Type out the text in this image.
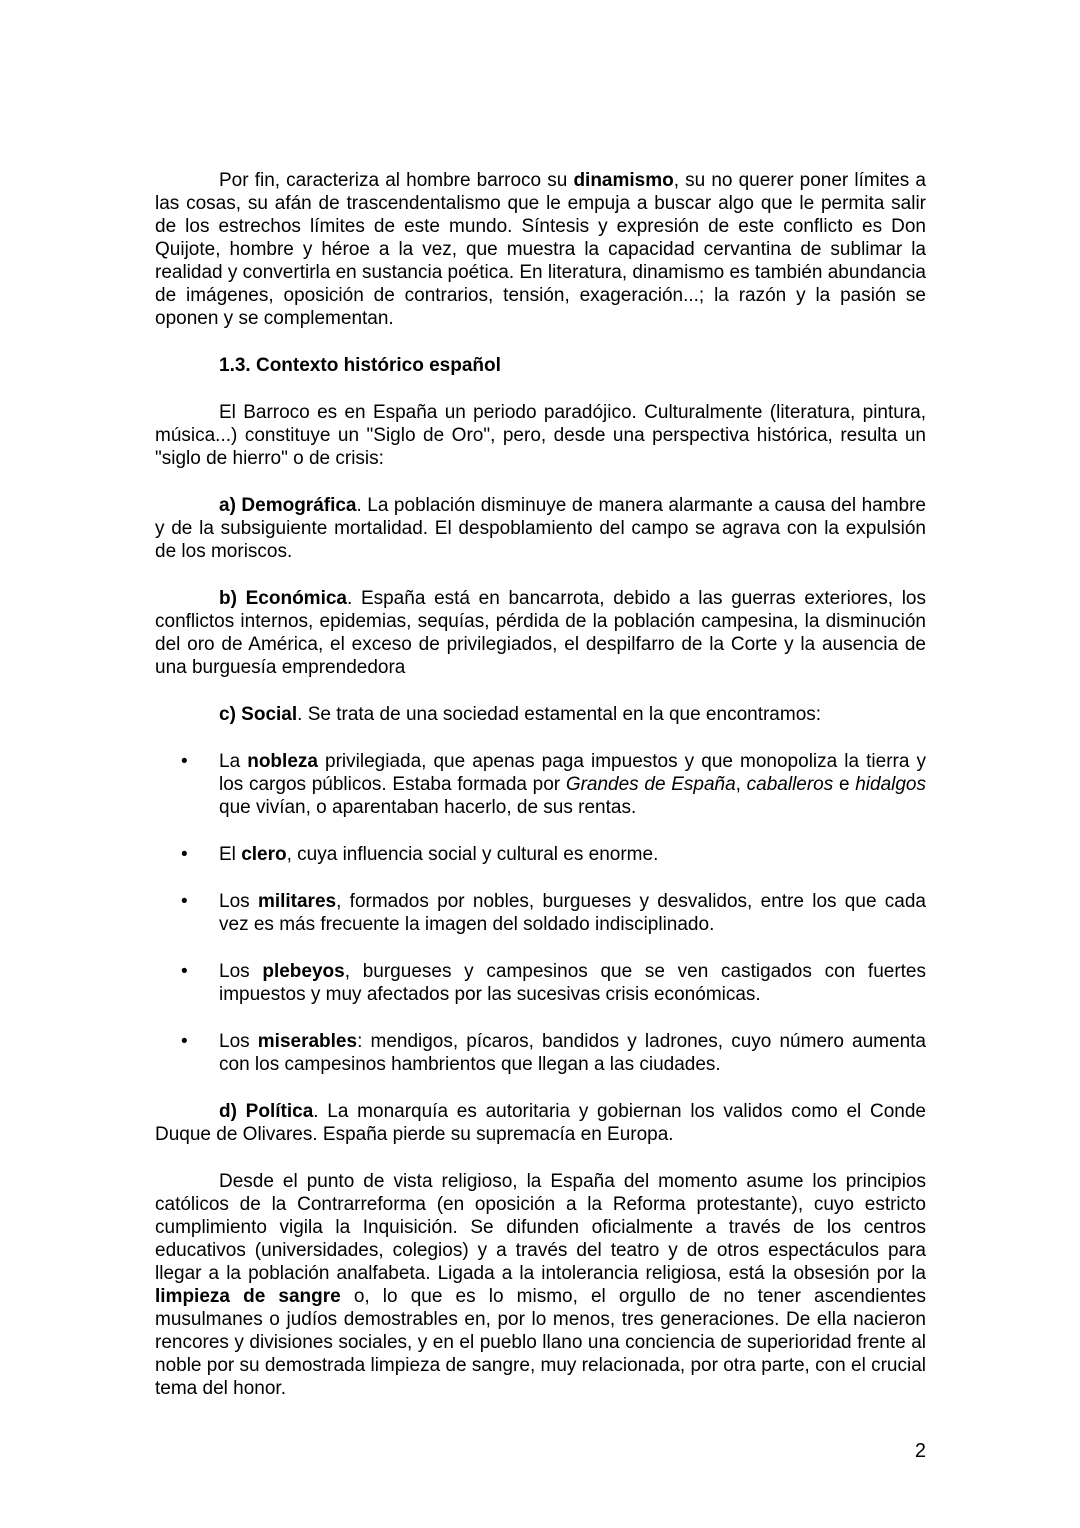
Por fin, caracteriza al hombre barroco su dinamismo, su no querer poner límites a las cosas, su afán de trascendentalismo que le empuja a buscar algo que le permita salir de los estrechos límites de este mundo. Síntesis y expresión de este conflicto es Don Quijote, hombre y héroe a la vez, que muestra la capacidad cervantina de sublimar la realidad y convertirla en sustancia poética. En literatura, dinamismo es también abundancia de imágenes, oposición de contrarios, tensión, exageración...; la razón y la pasión se oponen y se complementan.

1.3. Contexto histórico español

El Barroco es en España un periodo paradójico. Culturalmente (literatura, pintura, música...) constituye un "Siglo de Oro", pero, desde una perspectiva histórica, resulta un "siglo de hierro" o de crisis:

a) Demográfica. La población disminuye de manera alarmante a causa del hambre y de la subsiguiente mortalidad. El despoblamiento del campo se agrava con la expulsión de los moriscos.

b) Económica. España está en bancarrota, debido a las guerras exteriores, los conflictos internos, epidemias, sequías, pérdida de la población campesina, la disminución del oro de América, el exceso de privilegiados, el despilfarro de la Corte y la ausencia de una burguesía emprendedora

c) Social. Se trata de una sociedad estamental en la que encontramos:

• La nobleza privilegiada, que apenas paga impuestos y que monopoliza la tierra y los cargos públicos. Estaba formada por Grandes de España, caballeros e hidalgos que vivían, o aparentaban hacerlo, de sus rentas.
• El clero, cuya influencia social y cultural es enorme.
• Los militares, formados por nobles, burgueses y desvalidos, entre los que cada vez es más frecuente la imagen del soldado indisciplinado.
• Los plebeyos, burgueses y campesinos que se ven castigados con fuertes impuestos y muy afectados por las sucesivas crisis económicas.
• Los miserables: mendigos, pícaros, bandidos y ladrones, cuyo número aumenta con los campesinos hambrientos que llegan a las ciudades.

d) Política. La monarquía es autoritaria y gobiernan los validos como el Conde Duque de Olivares. España pierde su supremacía en Europa.

Desde el punto de vista religioso, la España del momento asume los principios católicos de la Contrarreforma (en oposición a la Reforma protestante), cuyo estricto cumplimiento vigila la Inquisición. Se difunden oficialmente a través de los centros educativos (universidades, colegios) y a través del teatro y de otros espectáculos para llegar a la población analfabeta. Ligada a la intolerancia religiosa, está la obsesión por la limpieza de sangre o, lo que es lo mismo, el orgullo de no tener ascendientes musulmanes o judíos demostrables en, por lo menos, tres generaciones. De ella nacieron rencores y divisiones sociales, y en el pueblo llano una conciencia de superioridad frente al noble por su demostrada limpieza de sangre, muy relacionada, por otra parte, con el crucial tema del honor.

2
